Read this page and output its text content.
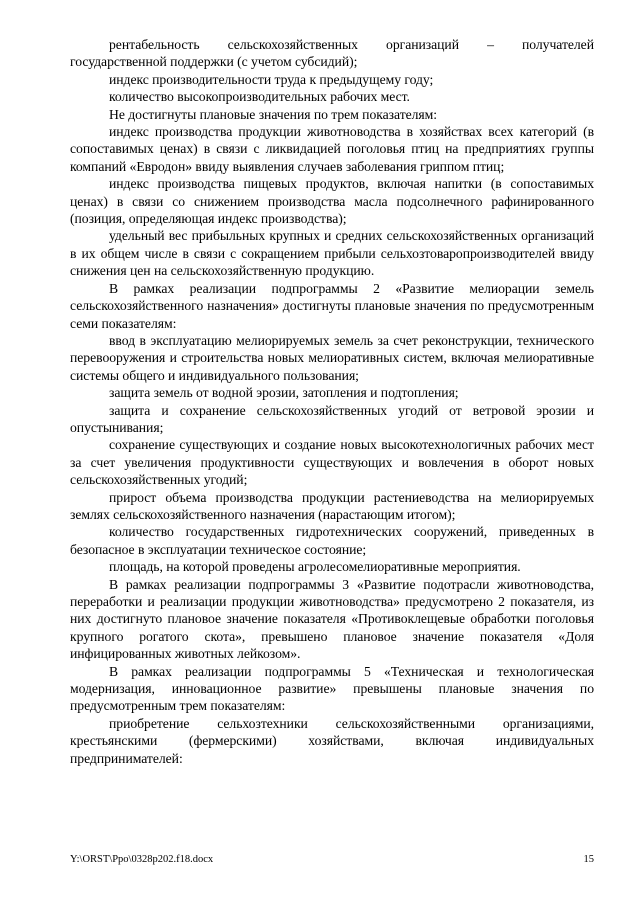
рентабельность сельскохозяйственных организаций – получателей государственной поддержки (с учетом субсидий);

индекс производительности труда к предыдущему году;

количество высокопроизводительных рабочих мест.

Не достигнуты плановые значения по трем показателям:

индекс производства продукции животноводства в хозяйствах всех категорий (в сопоставимых ценах) в связи с ликвидацией поголовья птиц на предприятиях группы компаний «Евродон» ввиду выявления случаев заболевания гриппом птиц;

индекс производства пищевых продуктов, включая напитки (в сопоставимых ценах) в связи со снижением производства масла подсолнечного рафинированного (позиция, определяющая индекс производства);

удельный вес прибыльных крупных и средних сельскохозяйственных организаций в их общем числе в связи с сокращением прибыли сельхозтоваропроизводителей ввиду снижения цен на сельскохозяйственную продукцию.

В рамках реализации подпрограммы 2 «Развитие мелиорации земель сельскохозяйственного назначения» достигнуты плановые значения по предусмотренным семи показателям:

ввод в эксплуатацию мелиорируемых земель за счет реконструкции, технического перевооружения и строительства новых мелиоративных систем, включая мелиоративные системы общего и индивидуального пользования;

защита земель от водной эрозии, затопления и подтопления;

защита и сохранение сельскохозяйственных угодий от ветровой эрозии и опустынивания;

сохранение существующих и создание новых высокотехнологичных рабочих мест за счет увеличения продуктивности существующих и вовлечения в оборот новых сельскохозяйственных угодий;

прирост объема производства продукции растениеводства на мелиорируемых землях сельскохозяйственного назначения (нарастающим итогом);

количество государственных гидротехнических сооружений, приведенных в безопасное в эксплуатации техническое состояние;

площадь, на которой проведены агролесомелиоративные мероприятия.

В рамках реализации подпрограммы 3 «Развитие подотрасли животноводства, переработки и реализации продукции животноводства» предусмотрено 2 показателя, из них достигнуто плановое значение показателя «Противоклещевые обработки поголовья крупного рогатого скота», превышено плановое значение показателя «Доля инфицированных животных лейкозом».

В рамках реализации подпрограммы 5 «Техническая и технологическая модернизация, инновационное развитие» превышены плановые значения по предусмотренным трем показателям:

приобретение сельхозтехники сельскохозяйственными организациями, крестьянскими (фермерскими) хозяйствами, включая индивидуальных предпринимателей:

Y:\ORST\Ppo\0328p202.f18.docx	15
